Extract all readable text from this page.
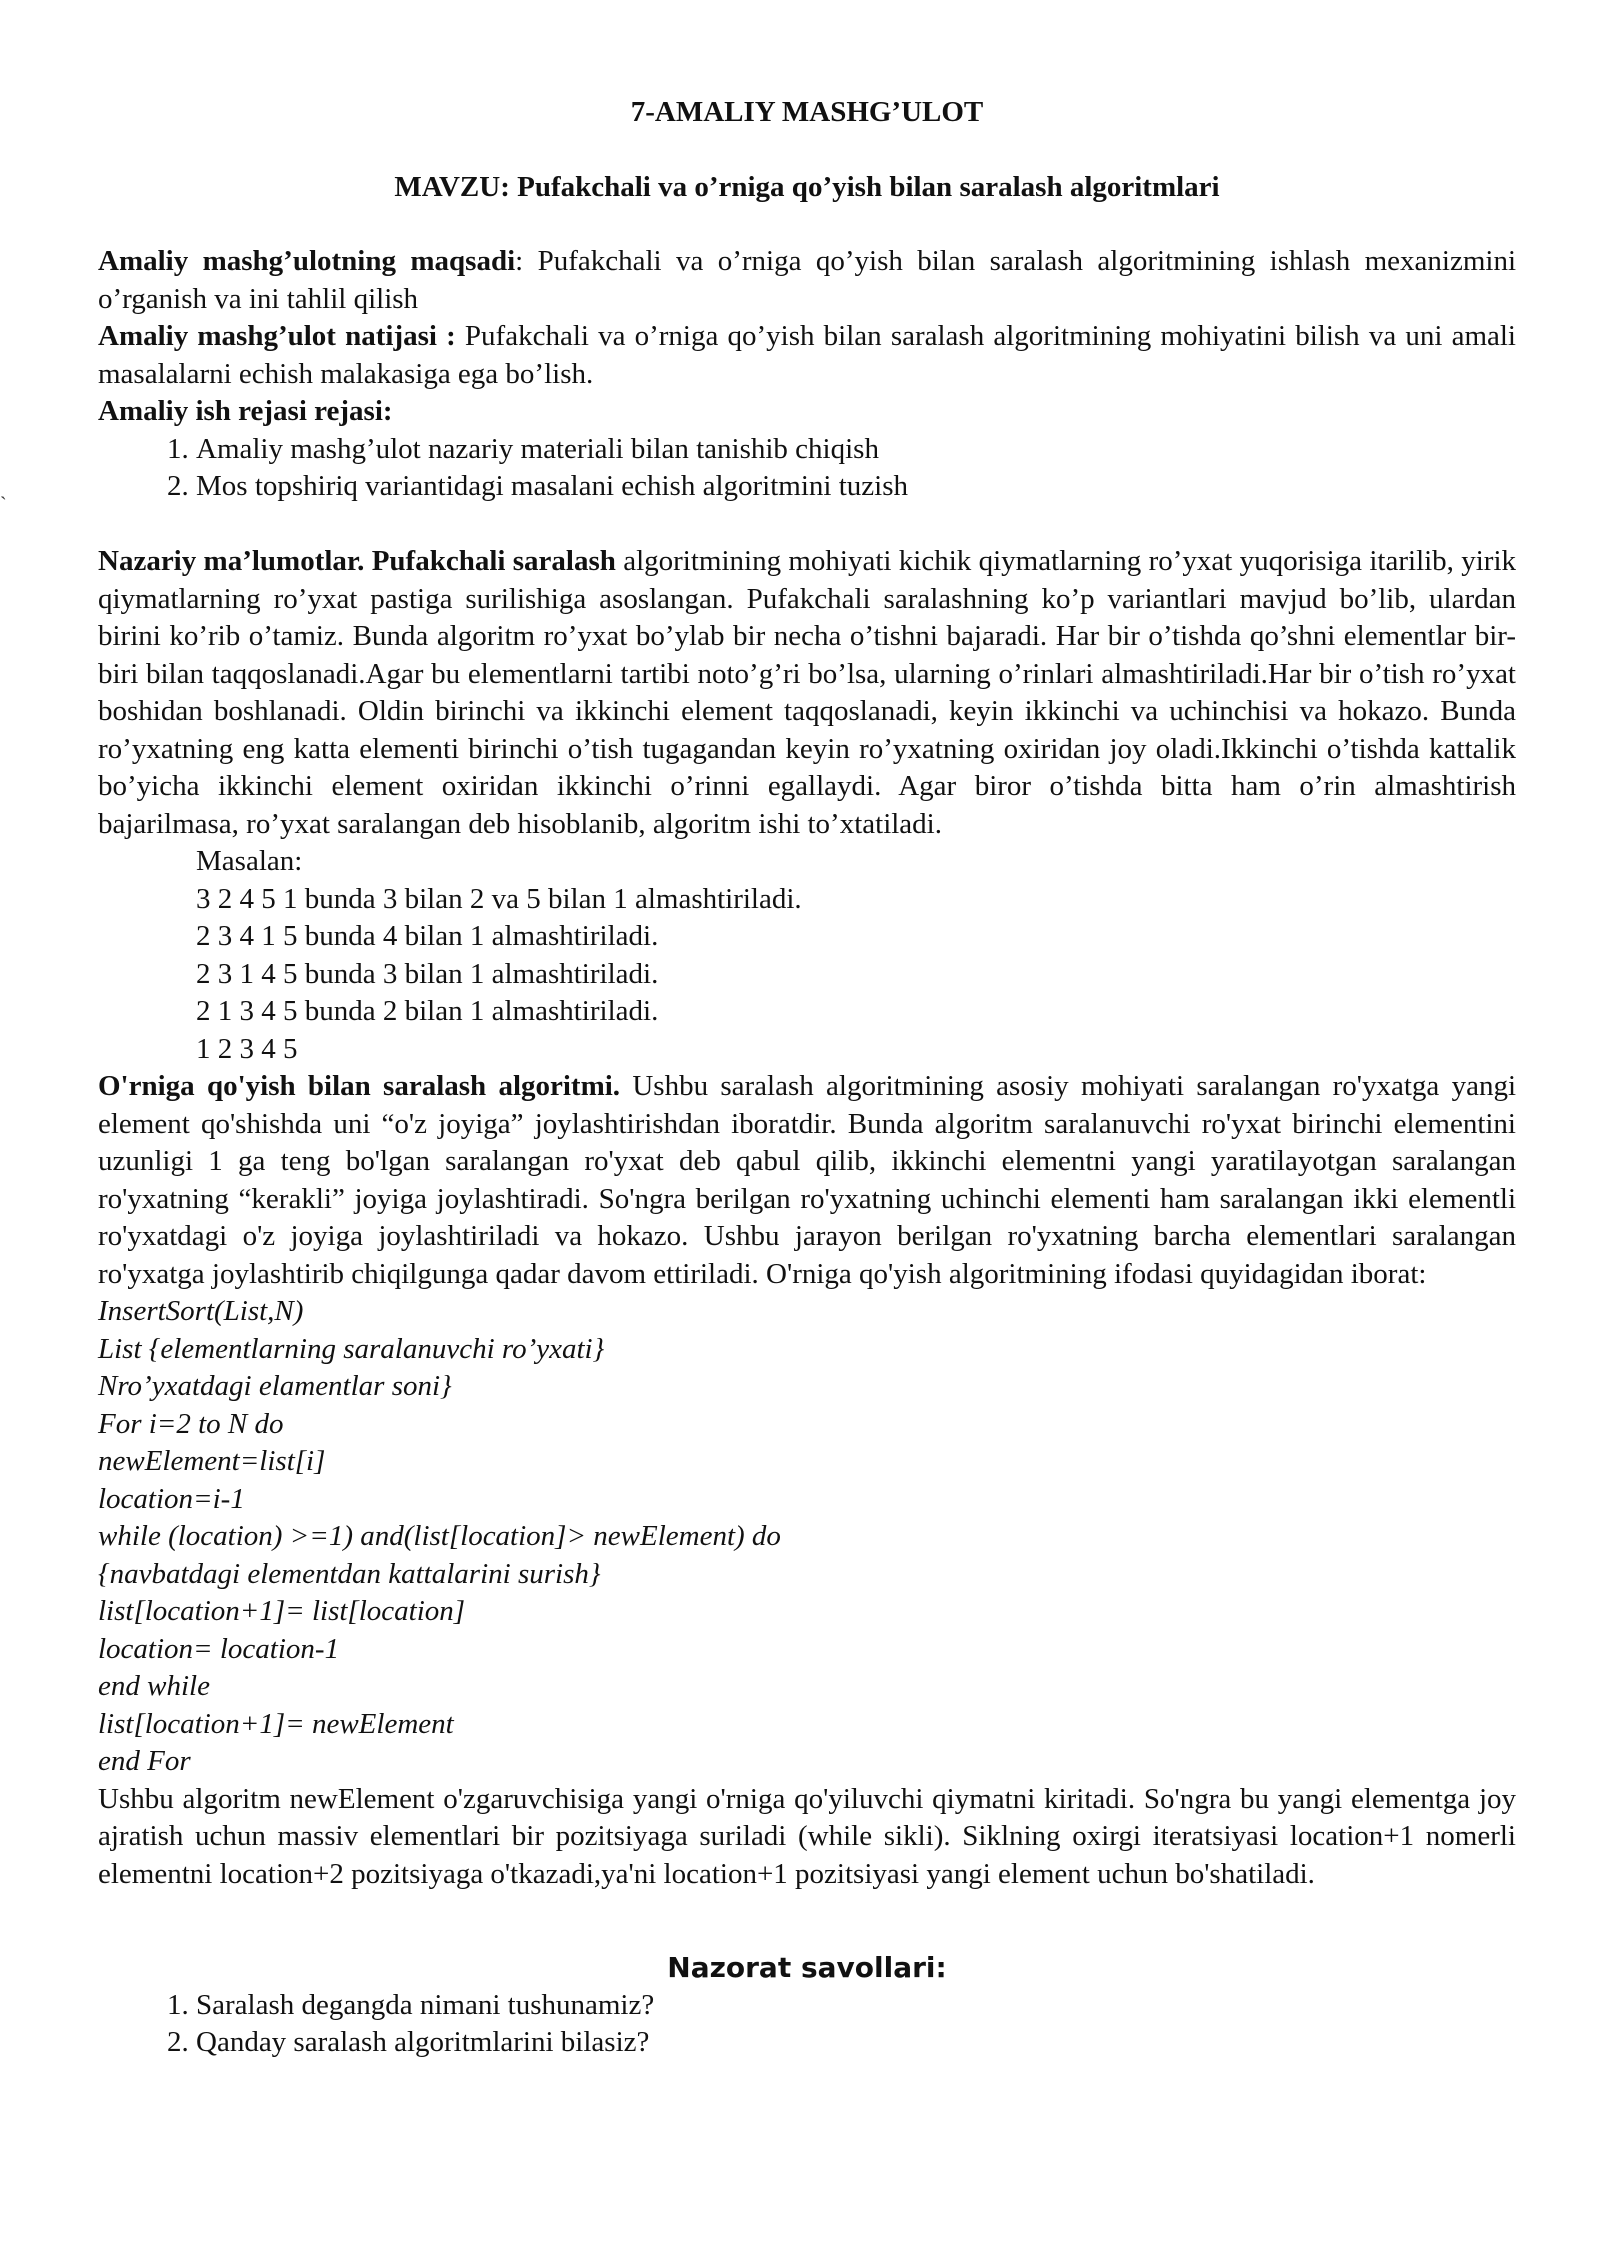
ˏ
7-AMALIY MASHG’ULOT
MAVZU: Pufakchali va o’rniga qo’yish bilan saralash algoritmlari
Amaliy mashg’ulotning maqsadi: Pufakchali va o’rniga qo’yish bilan saralash algoritmining ishlash mexanizmini o’rganish va ini tahlil qilish
Amaliy mashg’ulot natijasi : Pufakchali va o’rniga qo’yish bilan saralash algoritmining mohiyatini bilish va uni amali masalalarni echish malakasiga ega bo’lish.
Amaliy ish rejasi rejasi:
1. Amaliy mashg’ulot nazariy materiali bilan tanishib chiqish
2. Mos topshiriq variantidagi masalani echish algoritmini tuzish
Nazariy ma’lumotlar. Pufakchali saralash algoritmining mohiyati kichik qiymatlarning ro’yxat yuqorisiga itarilib, yirik qiymatlarning ro’yxat pastiga surilishiga asoslangan. Pufakchali saralashning ko’p variantlari mavjud bo’lib, ulardan birini ko’rib o’tamiz. Bunda algoritm ro’yxat bo’ylab bir necha o’tishni bajaradi. Har bir o’tishda qo’shni elementlar bir-biri bilan taqqoslanadi.Agar bu elementlarni tartibi noto’g’ri bo’lsa, ularning o’rinlari almashtiriladi.Har bir o’tish ro’yxat boshidan boshlanadi. Oldin birinchi va ikkinchi element taqqoslanadi, keyin ikkinchi va uchinchisi va hokazo. Bunda ro’yxatning eng katta elementi birinchi o’tish tugagandan keyin ro’yxatning oxiridan joy oladi.Ikkinchi o’tishda kattalik bo’yicha ikkinchi element oxiridan ikkinchi o’rinni egallaydi. Agar biror o’tishda bitta ham o’rin almashtirish bajarilmasa, ro’yxat saralangan deb hisoblanib, algoritm ishi to’xtatiladi.
Masalan:
3 2 4 5 1 bunda 3 bilan 2 va 5 bilan 1 almashtiriladi.
2 3 4 1 5 bunda 4 bilan 1 almashtiriladi.
2 3 1 4 5 bunda 3 bilan 1 almashtiriladi.
2 1 3 4 5 bunda 2 bilan 1 almashtiriladi.
1 2 3 4 5
O'rniga qo'yish bilan saralash algoritmi. Ushbu saralash algoritmining asosiy mohiyati saralangan ro'yxatga yangi element qo'shishda uni “o'z joyiga” joylashtirishdan iboratdir. Bunda algoritm saralanuvchi ro'yxat birinchi elementini uzunligi 1 ga teng bo'lgan saralangan ro'yxat deb qabul qilib, ikkinchi elementni yangi yaratilayotgan saralangan ro'yxatning “kerakli” joyiga joylashtiradi. So'ngra berilgan ro'yxatning uchinchi elementi ham saralangan ikki elementli ro'yxatdagi o'z joyiga joylashtiriladi va hokazo. Ushbu jarayon berilgan ro'yxatning barcha elementlari saralangan ro'yxatga joylashtirib chiqilgunga qadar davom ettiriladi. O'rniga qo'yish algoritmining ifodasi quyidagidan iborat:
InsertSort(List,N)
List {elementlarning saralanuvchi ro’yxati}
Nro’yxatdagi elamentlar soni}
For i=2 to N do
newElement=list[i]
location=i-1
while (location) >=1) and(list[location]> newElement) do
{navbatdagi elementdan kattalarini surish}
list[location+1]= list[location]
location= location-1
end while
list[location+1]= newElement
end For
Ushbu algoritm newElement o'zgaruvchisiga yangi o'rniga qo'yiluvchi qiymatni kiritadi. So'ngra bu yangi elementga joy ajratish uchun massiv elementlari bir pozitsiyaga suriladi (while sikli). Siklning oxirgi iteratsiyasi location+1 nomerli elementni location+2 pozitsiyaga o'tkazadi,ya'ni location+1 pozitsiyasi yangi element uchun bo'shatiladi.
Nazorat savollari:
1. Saralash degangda nimani tushunamiz?
2. Qanday saralash algoritmlarini bilasiz?
